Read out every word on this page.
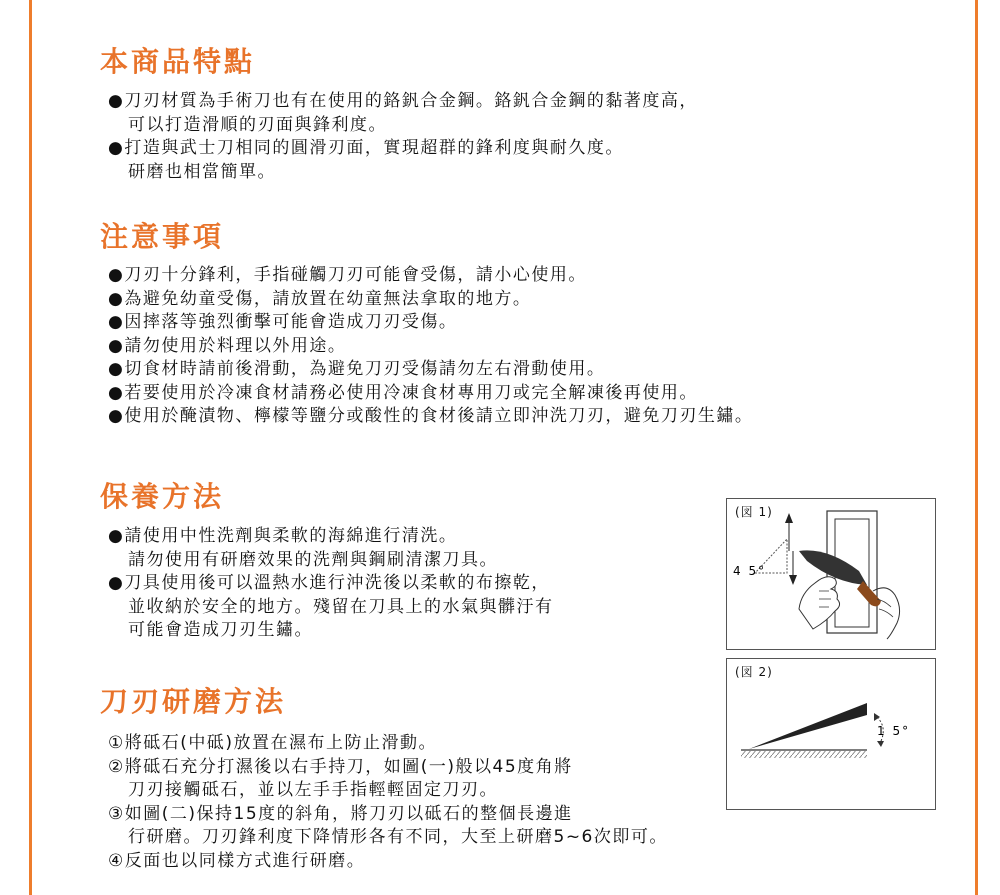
本商品特點
●刀刃材質為手術刀也有在使用的鉻釩合金鋼。鉻釩合金鋼的黏著度高，
可以打造滑順的刃面與鋒利度。
●打造與武士刀相同的圓滑刃面，實現超群的鋒利度與耐久度。
研磨也相當簡單。
注意事項
●刀刃十分鋒利，手指碰觸刀刃可能會受傷，請小心使用。
●為避免幼童受傷，請放置在幼童無法拿取的地方。
●因摔落等強烈衝擊可能會造成刀刃受傷。
●請勿使用於料理以外用途。
●切食材時請前後滑動，為避免刀刃受傷請勿左右滑動使用。
●若要使用於冷凍食材請務必使用冷凍食材專用刀或完全解凍後再使用。
●使用於醃漬物、檸檬等鹽分或酸性的食材後請立即沖洗刀刃，避免刀刃生鏽。
保養方法
●請使用中性洗劑與柔軟的海綿進行清洗。
請勿使用有研磨效果的洗劑與鋼刷清潔刀具。
●刀具使用後可以溫熱水進行沖洗後以柔軟的布擦乾，
並收納於安全的地方。殘留在刀具上的水氣與髒汙有
可能會造成刀刃生鏽。
刀刃研磨方法
①將砥石(中砥)放置在濕布上防止滑動。
②將砥石充分打濕後以右手持刀，如圖(一)般以45度角將
刀刃接觸砥石，並以左手手指輕輕固定刀刃。
③如圖(二)保持15度的斜角，將刀刃以砥石的整個長邊進
行研磨。刀刃鋒利度下降情形各有不同，大至上研磨5~6次即可。
④反面也以同樣方式進行研磨。
4 5°
(図 1)
1 5°
(図 2)
